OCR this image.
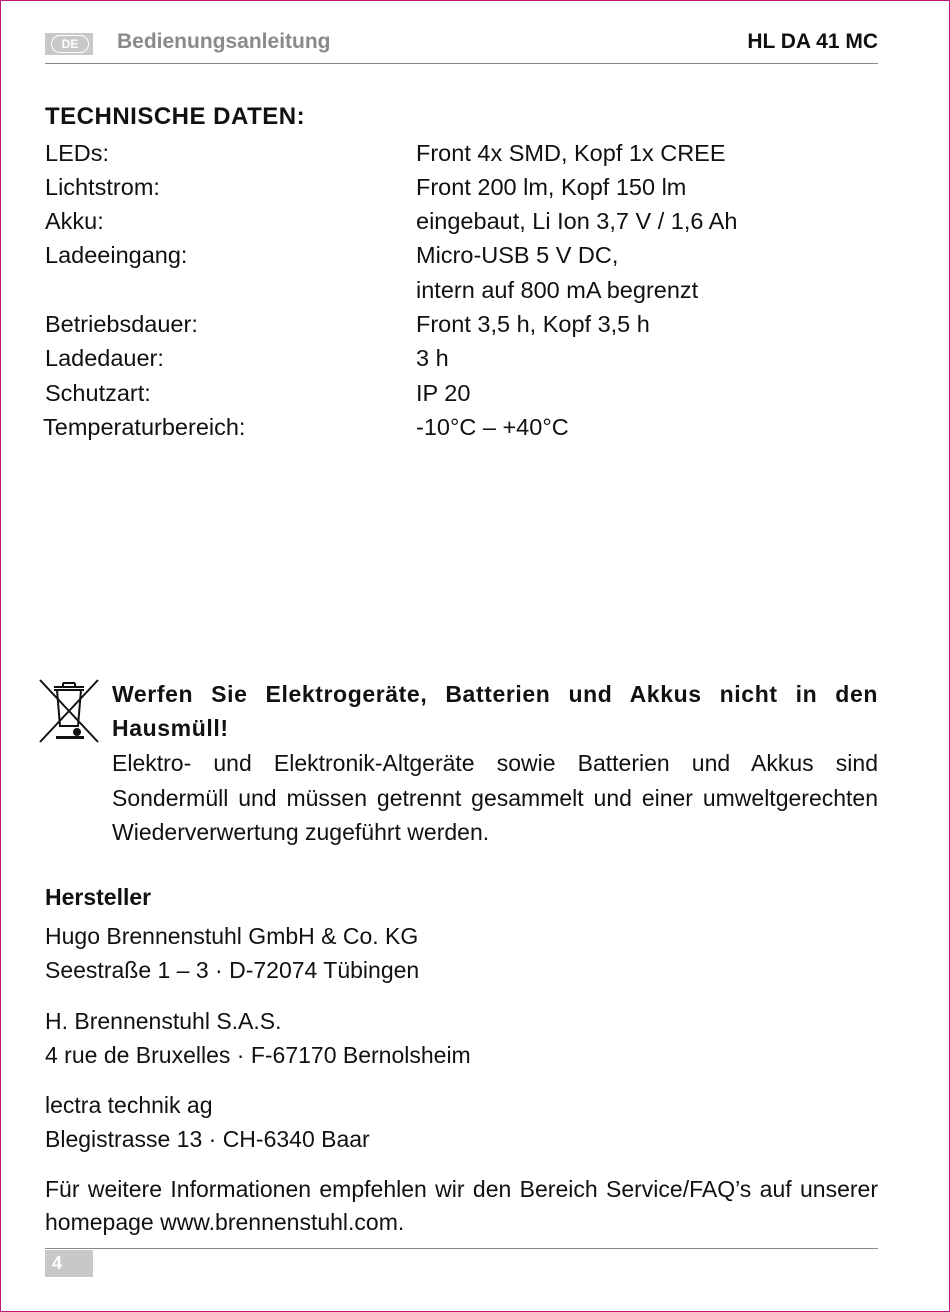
DE	Bedienungsanleitung	HL DA 41 MC
TECHNISCHE DATEN:
LEDs:	Front 4x SMD, Kopf 1x CREE
Lichtstrom:	Front 200 lm, Kopf 150 lm
Akku:	eingebaut, Li Ion 3,7 V / 1,6 Ah
Ladeeingang:	Micro-USB 5 V DC,
intern auf 800 mA begrenzt
Betriebsdauer:	Front 3,5 h, Kopf 3,5 h
Ladedauer:	3 h
Schutzart:	IP 20
Temperaturbereich:	-10°C – +40°C
Werfen Sie Elektrogeräte, Batterien und Akkus nicht in den Hausmüll!
Elektro- und Elektronik-Altgeräte sowie Batterien und Akkus sind Sondermüll und müssen getrennt gesammelt und einer umweltgerechten Wiederverwertung zugeführt werden.
Hersteller
Hugo Brennenstuhl GmbH & Co. KG
Seestraße 1 – 3 · D-72074 Tübingen
H. Brennenstuhl S.A.S.
4 rue de Bruxelles · F-67170 Bernolsheim
lectra technik ag
Blegistrasse 13 · CH-6340 Baar
Für weitere Informationen empfehlen wir den Bereich Service/FAQ’s auf unserer homepage www.brennenstuhl.com.
4
